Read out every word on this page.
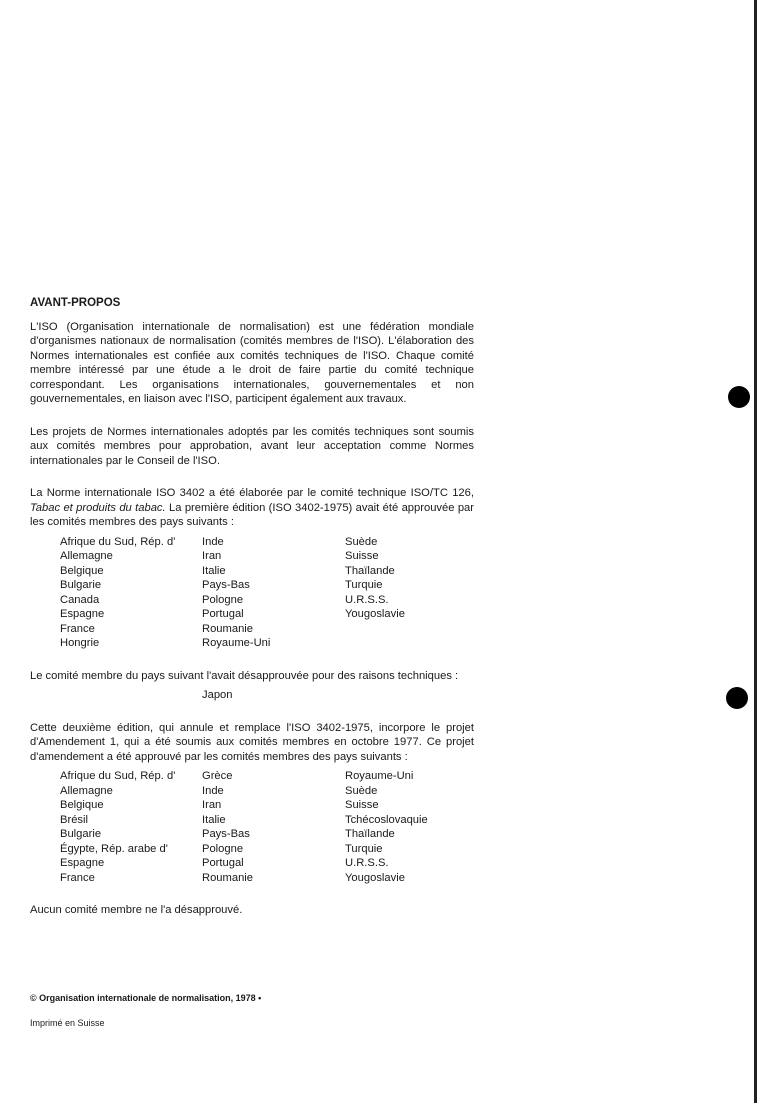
AVANT-PROPOS

L'ISO (Organisation internationale de normalisation) est une fédération mondiale d'organismes nationaux de normalisation (comités membres de l'ISO). L'élaboration des Normes internationales est confiée aux comités techniques de l'ISO. Chaque comité membre intéressé par une étude a le droit de faire partie du comité technique correspondant. Les organisations internationales, gouvernementales et non gouvernementales, en liaison avec l'ISO, participent également aux travaux.

Les projets de Normes internationales adoptés par les comités techniques sont soumis aux comités membres pour approbation, avant leur acceptation comme Normes internationales par le Conseil de l'ISO.

La Norme internationale ISO 3402 a été élaborée par le comité technique ISO/TC 126, Tabac et produits du tabac. La première édition (ISO 3402-1975) avait été approuvée par les comités membres des pays suivants :

Afrique du Sud, Rép. d'	Inde	Suède
Allemagne	Iran	Suisse
Belgique	Italie	Thaïlande
Bulgarie	Pays-Bas	Turquie
Canada	Pologne	U.R.S.S.
Espagne	Portugal	Yougoslavie
France	Roumanie	
Hongrie	Royaume-Uni	

Le comité membre du pays suivant l'avait désapprouvée pour des raisons techniques :

Japon

Cette deuxième édition, qui annule et remplace l'ISO 3402-1975, incorpore le projet d'Amendement 1, qui a été soumis aux comités membres en octobre 1977. Ce projet d'amendement a été approuvé par les comités membres des pays suivants :

Afrique du Sud, Rép. d'	Grèce	Royaume-Uni
Allemagne	Inde	Suède
Belgique	Iran	Suisse
Brésil	Italie	Tchécoslovaquie
Bulgarie	Pays-Bas	Thaïlande
Égypte, Rép. arabe d'	Pologne	Turquie
Espagne	Portugal	U.R.S.S.
France	Roumanie	Yougoslavie

Aucun comité membre ne l'a désapprouvé.

© Organisation internationale de normalisation, 1978 •
Imprimé en Suisse
